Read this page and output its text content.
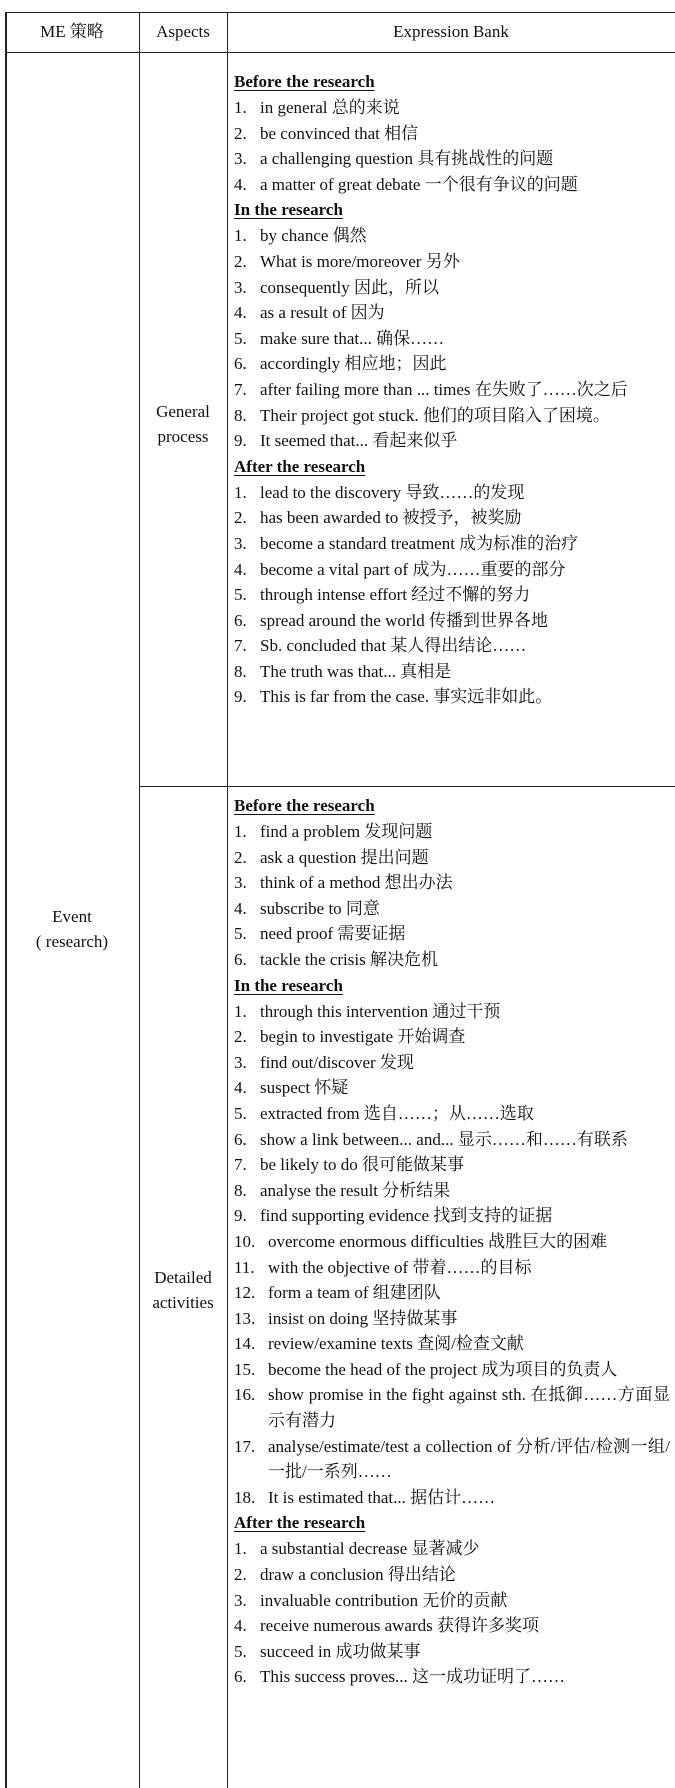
ME 策略	Aspects	Expression Bank
Event
( research)
General
process
Detailed
activities
Before the research
1. in general 总的来说
2. be convinced that 相信
3. a challenging question 具有挑战性的问题
4. a matter of great debate 一个很有争议的问题
In the research
1. by chance 偶然
2. What is more/moreover 另外
3. consequently 因此，所以
4. as a result of 因为
5. make sure that... 确保……
6. accordingly 相应地；因此
7. after failing more than ... times 在失败了……次之后
8. Their project got stuck. 他们的项目陷入了困境。
9. It seemed that... 看起来似乎
After the research
1. lead to the discovery 导致……的发现
2. has been awarded to 被授予，被奖励
3. become a standard treatment 成为标准的治疗
4. become a vital part of 成为……重要的部分
5. through intense effort 经过不懈的努力
6. spread around the world 传播到世界各地
7. Sb. concluded that 某人得出结论……
8. The truth was that... 真相是
9. This is far from the case. 事实远非如此。
Before the research
1. find a problem 发现问题
2. ask a question 提出问题
3. think of a method 想出办法
4. subscribe to 同意
5. need proof 需要证据
6. tackle the crisis 解决危机
In the research
1. through this intervention 通过干预
2. begin to investigate 开始调查
3. find out/discover 发现
4. suspect 怀疑
5. extracted from 选自……；从……选取
6. show a link between... and... 显示……和……有联系
7. be likely to do 很可能做某事
8. analyse the result 分析结果
9. find supporting evidence 找到支持的证据
10. overcome enormous difficulties 战胜巨大的困难
11. with the objective of 带着……的目标
12. form a team of 组建团队
13. insist on doing 坚持做某事
14. review/examine texts 查阅/检查文献
15. become the head of the project 成为项目的负责人
16. show promise in the fight against sth. 在抵御……方面显示有潜力
17. analyse/estimate/test a collection of 分析/评估/检测一组/一批/一系列……
18. It is estimated that... 据估计……
After the research
1. a substantial decrease 显著减少
2. draw a conclusion 得出结论
3. invaluable contribution 无价的贡献
4. receive numerous awards 获得许多奖项
5. succeed in 成功做某事
6. This success proves... 这一成功证明了……
